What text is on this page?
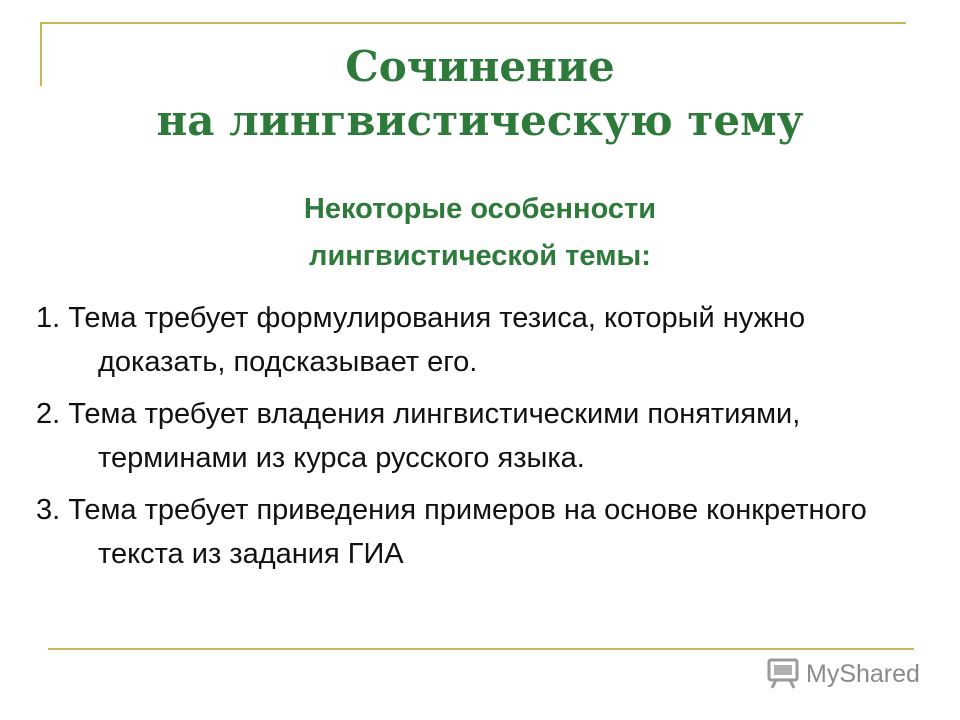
Сочинение
на лингвистическую тему
Некоторые особенности
лингвистической темы:
1. Тема требует формулирования тезиса, который нужно доказать, подсказывает его.
2. Тема требует владения лингвистическими понятиями, терминами из курса русского языка.
3. Тема требует приведения примеров на основе конкретного текста из задания ГИА
MyShared
